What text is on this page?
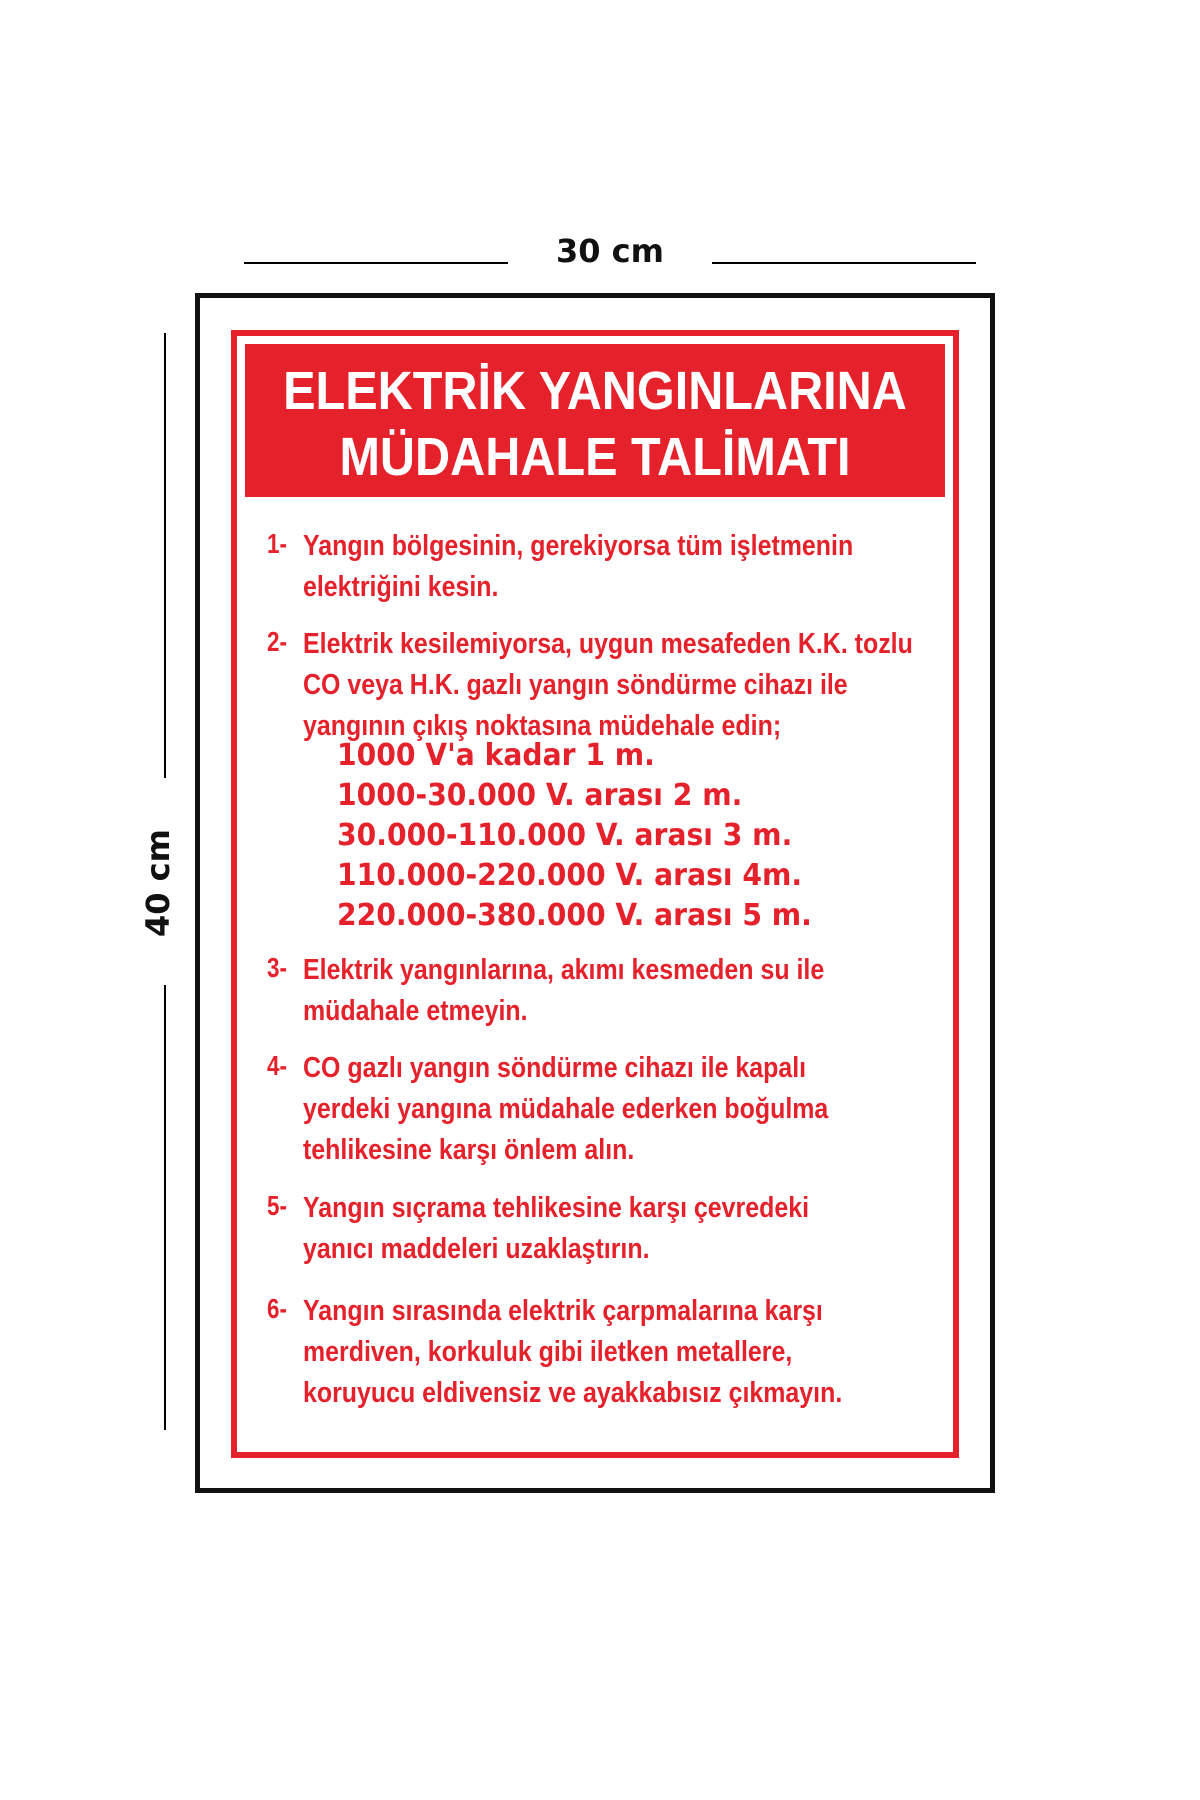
30 cm
40 cm
ELEKTRİK YANGINLARINA
MÜDAHALE TALİMATI
1- Yangın bölgesinin, gerekiyorsa tüm işletmenin
elektriğini kesin.
2- Elektrik kesilemiyorsa, uygun mesafeden K.K. tozlu
CO veya H.K. gazlı yangın söndürme cihazı ile
yangının çıkış noktasına müdehale edin;
1000 V'a kadar 1 m.
1000-30.000 V. arası 2 m.
30.000-110.000 V. arası 3 m.
110.000-220.000 V. arası 4m.
220.000-380.000 V. arası 5 m.
3- Elektrik yangınlarına, akımı kesmeden su ile
müdahale etmeyin.
4- CO gazlı yangın söndürme cihazı ile kapalı
yerdeki yangına müdahale ederken boğulma
tehlikesine karşı önlem alın.
5- Yangın sıçrama tehlikesine karşı çevredeki
yanıcı maddeleri uzaklaştırın.
6- Yangın sırasında elektrik çarpmalarına karşı
merdiven, korkuluk gibi iletken metallere,
koruyucu eldivensiz ve ayakkabısız çıkmayın.
